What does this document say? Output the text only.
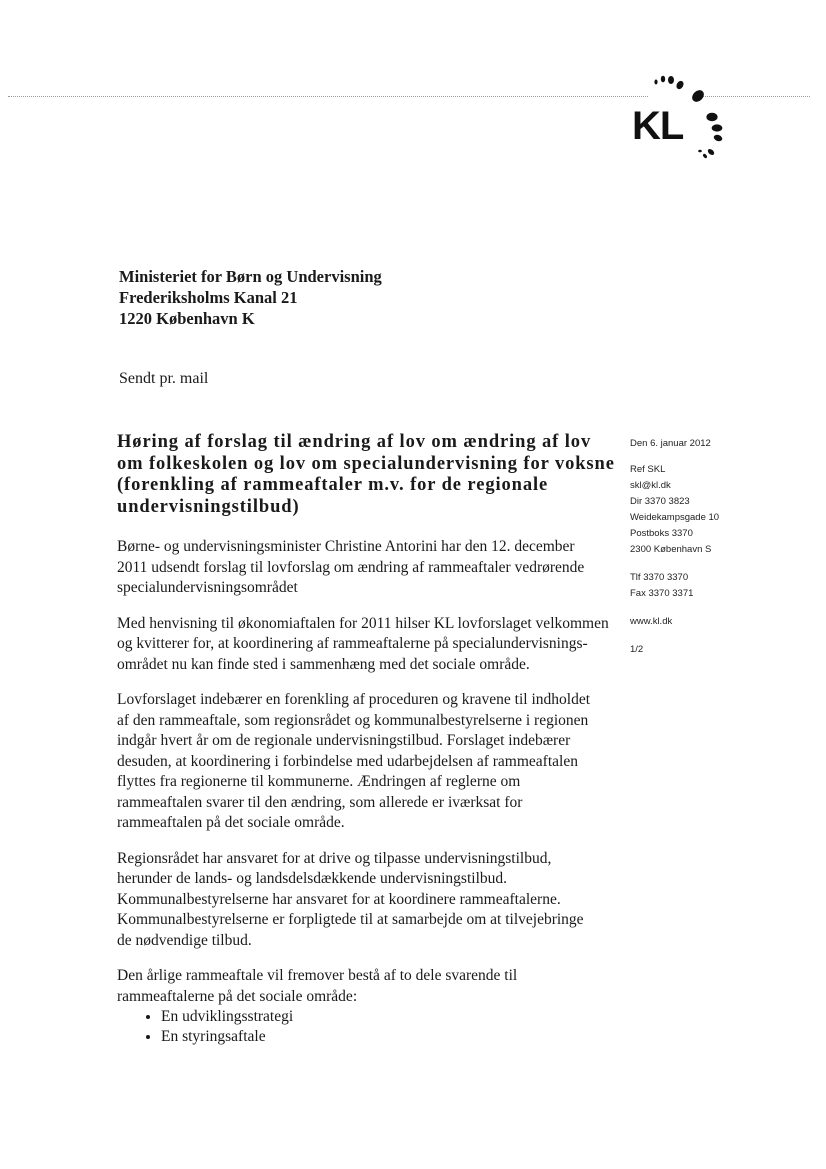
KL
Ministeriet for Børn og Undervisning
Frederiksholms Kanal 21
1220 København K
Sendt pr. mail
Høring af forslag til ændring af lov om ændring af lov om folkeskolen og lov om specialundervisning for voksne (forenkling af rammeaftaler m.v. for de regionale undervisningstilbud)
Den 6. januar 2012
Ref SKL
skl@kl.dk
Dir 3370 3823
Weidekampsgade 10
Postboks 3370
2300 København S
Tlf 3370 3370
Fax 3370 3371
www.kl.dk
1/2

Børne- og undervisningsminister Christine Antorini har den 12. december
2011 udsendt forslag til lovforslag om ændring af rammeaftaler vedrørende
specialundervisningsområdet

Med henvisning til økonomiaftalen for 2011 hilser KL lovforslaget velkommen
og kvitterer for, at koordinering af rammeaftalerne på specialundervisnings-
området nu kan finde sted i sammenhæng med det sociale område.

Lovforslaget indebærer en forenkling af proceduren og kravene til indholdet
af den rammeaftale, som regionsrådet og kommunalbestyrelserne i regionen
indgår hvert år om de regionale undervisningstilbud. Forslaget indebærer
desuden, at koordinering i forbindelse med udarbejdelsen af rammeaftalen
flyttes fra regionerne til kommunerne. Ændringen af reglerne om
rammeaftalen svarer til den ændring, som allerede er iværksat for
rammeaftalen på det sociale område.

Regionsrådet har ansvaret for at drive og tilpasse undervisningstilbud,
herunder de lands- og landsdelsdækkende undervisningstilbud.
Kommunalbestyrelserne har ansvaret for at koordinere rammeaftalerne.
Kommunalbestyrelserne er forpligtede til at samarbejde om at tilvejebringe
de nødvendige tilbud.

Den årlige rammeaftale vil fremover bestå af to dele svarende til
rammeaftalerne på det sociale område:

• En udviklingsstrategi
• En styringsaftale
